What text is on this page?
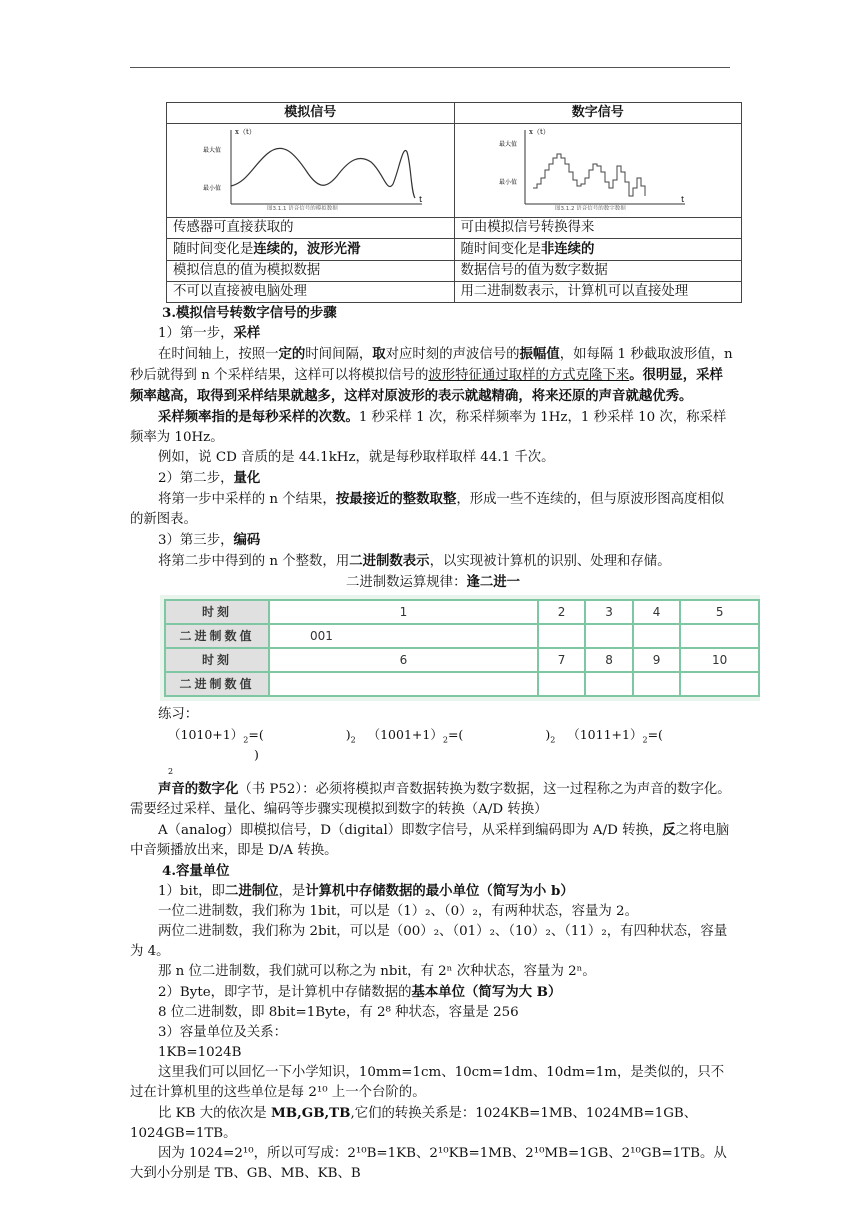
模拟信号	数字信号

x（t）
最大值
最小值
t
图3.1.1 语音信号的模拟数据	x（t）
最大值
最小值
t
图3.1.2 语音信号的数字数据

传感器可直接获取的	可由模拟信号转换得来
随时间变化是连续的，波形光滑	随时间变化是非连续的
模拟信息的值为模拟数据	数据信号的值为数字数据
不可以直接被电脑处理	用二进制数表示，计算机可以直接处理

3.模拟信号转数字信号的步骤

1）第一步，采样

在时间轴上，按照一定的时间间隔，取对应时刻的声波信号的振幅值，如每隔 1 秒截取波形值，n 秒后就得到 n 个采样结果，这样可以将模拟信号的波形特征通过取样的方式克隆下来。很明显，采样频率越高，取得到采样结果就越多，这样对原波形的表示就越精确，将来还原的声音就越优秀。

采样频率指的是每秒采样的次数。1 秒采样 1 次，称采样频率为 1Hz，1 秒采样 10 次，称采样频率为 10Hz。

例如，说 CD 音质的是 44.1kHz，就是每秒取样取样 44.1 千次。

2）第二步，量化

将第一步中采样的 n 个结果，按最接近的整数取整，形成一些不连续的，但与原波形图高度相似的新图表。

3）第三步，编码

将第二步中得到的 n 个整数，用二进制数表示，以实现被计算机的识别、处理和存储。

二进制数运算规律：逢二进一

时刻	1	2	3	4	5
二进制数值	001				
时刻	6	7	8	9	10
二进制数值					

练习：

$(1010+1)_2=$(	)$_2$ $(1001+1)_2=$(	)$_2$ $(1011+1)_2=()$

2

声音的数字化（书 P52）：必须将模拟声音数据转换为数字数据，这一过程称之为声音的数字化。需要经过采样、量化、编码等步骤实现模拟到数字的转换（A/D 转换）

A（analog）即模拟信号，D（digital）即数字信号，从采样到编码即为 A/D 转换，反之将电脑中音频播放出来，即是 D/A 转换。

4.容量单位

1）bit，即二进制位，是计算机中存储数据的最小单位（简写为小 b）

一位二进制数，我们称为 1bit，可以是（1）₂、（0）₂，有两种状态，容量为 2。

两位二进制数，我们称为 2bit，可以是（00）₂、（01）₂、（10）₂、（11）₂，有四种状态，容量为 4。

那 n 位二进制数，我们就可以称之为 nbit，有 2ⁿ 次种状态，容量为 2ⁿ。

2）Byte，即字节，是计算机中存储数据的基本单位（简写为大 B）

8 位二进制数，即 8bit=1Byte，有 2⁸ 种状态，容量是 256

3）容量单位及关系：

1KB=1024B

这里我们可以回忆一下小学知识，10mm=1cm、10cm=1dm、10dm=1m，是类似的，只不过在计算机里的这些单位是每 2¹⁰ 上一个台阶的。

比 KB 大的依次是 MB,GB,TB,它们的转换关系是：1024KB=1MB、1024MB=1GB、1024GB=1TB。

因为 1024=2¹⁰，所以可写成：2¹⁰B=1KB、2¹⁰KB=1MB、2¹⁰MB=1GB、2¹⁰GB=1TB。从大到小分别是 TB、GB、MB、KB、B
